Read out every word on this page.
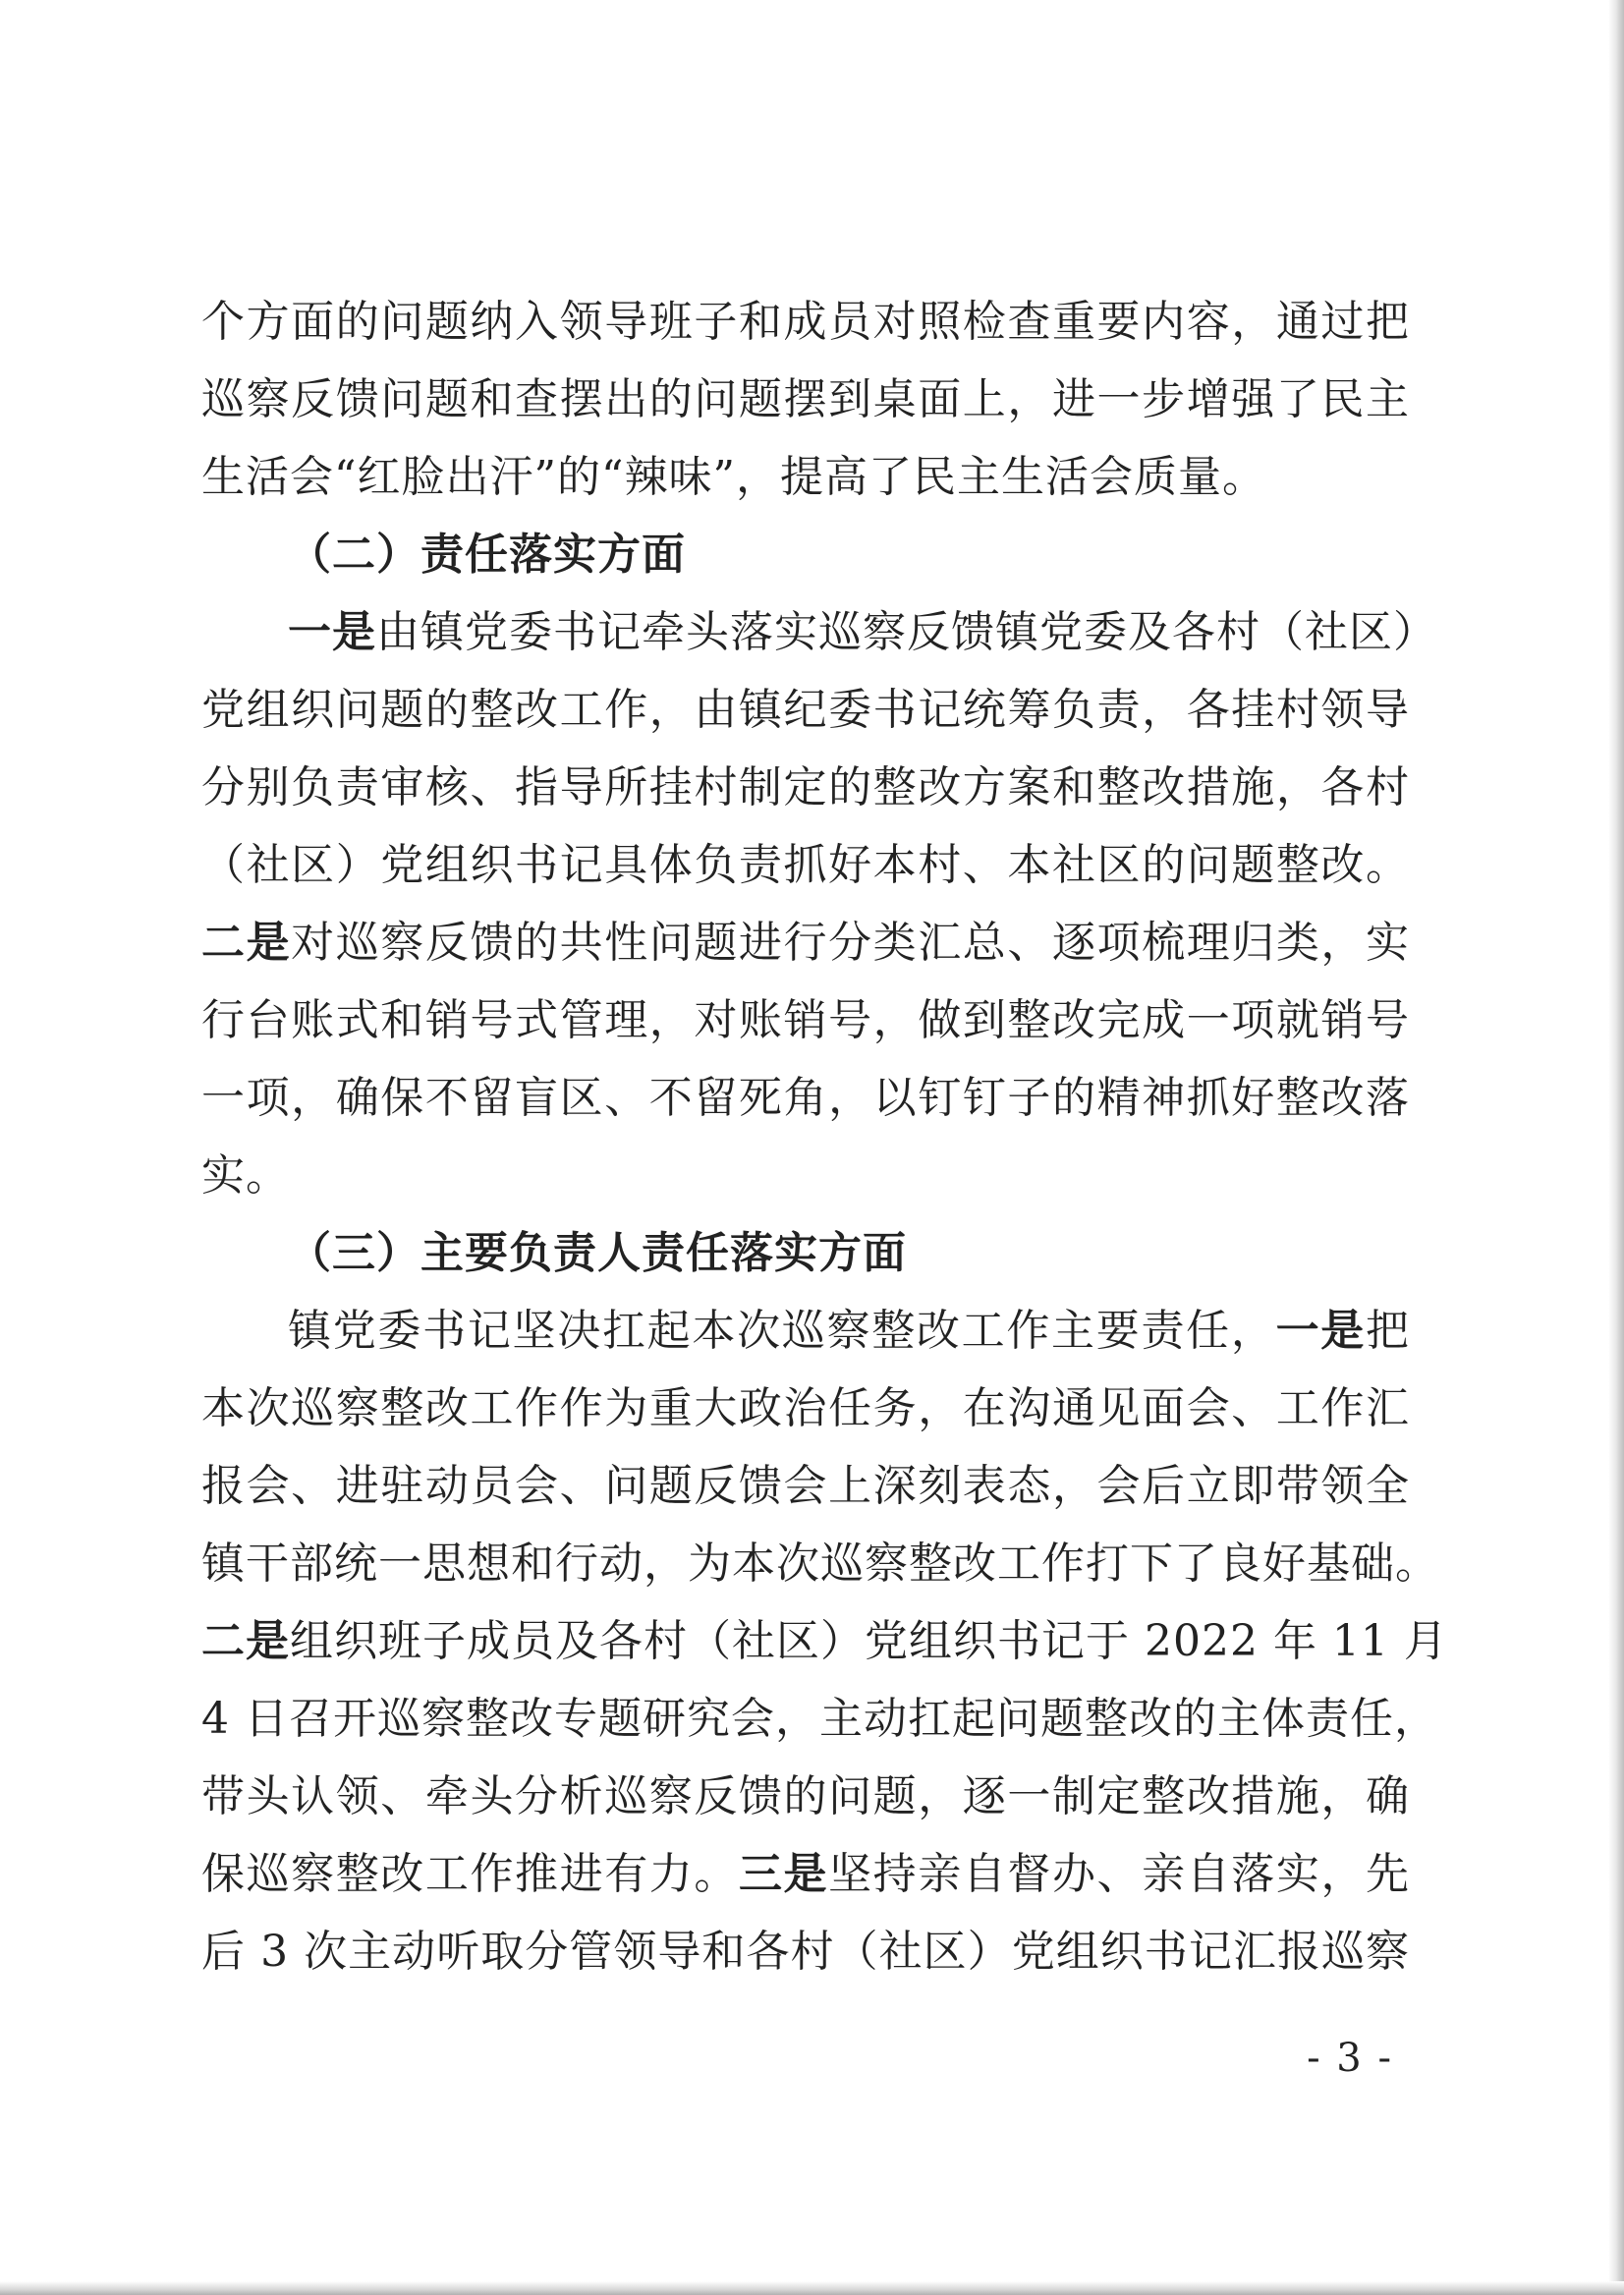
个方面的问题纳入领导班子和成员对照检查重要内容，通过把
巡察反馈问题和查摆出的问题摆到桌面上，进一步增强了民主
生活会“红脸出汗”的“辣味”，提高了民主生活会质量。
（二）责任落实方面
一是由镇党委书记牵头落实巡察反馈镇党委及各村（社区）
党组织问题的整改工作，由镇纪委书记统筹负责，各挂村领导
分别负责审核、指导所挂村制定的整改方案和整改措施，各村
（社区）党组织书记具体负责抓好本村、本社区的问题整改。
二是对巡察反馈的共性问题进行分类汇总、逐项梳理归类，实
行台账式和销号式管理，对账销号，做到整改完成一项就销号
一项，确保不留盲区、不留死角，以钉钉子的精神抓好整改落
实。
（三）主要负责人责任落实方面
镇党委书记坚决扛起本次巡察整改工作主要责任，一是把
本次巡察整改工作作为重大政治任务，在沟通见面会、工作汇
报会、进驻动员会、问题反馈会上深刻表态，会后立即带领全
镇干部统一思想和行动，为本次巡察整改工作打下了良好基础。
二是组织班子成员及各村（社区）党组织书记于 2022 年 11 月
4 日召开巡察整改专题研究会，主动扛起问题整改的主体责任，
带头认领、牵头分析巡察反馈的问题，逐一制定整改措施，确
保巡察整改工作推进有力。三是坚持亲自督办、亲自落实，先
后 3 次主动听取分管领导和各村（社区）党组织书记汇报巡察
- 3 -
